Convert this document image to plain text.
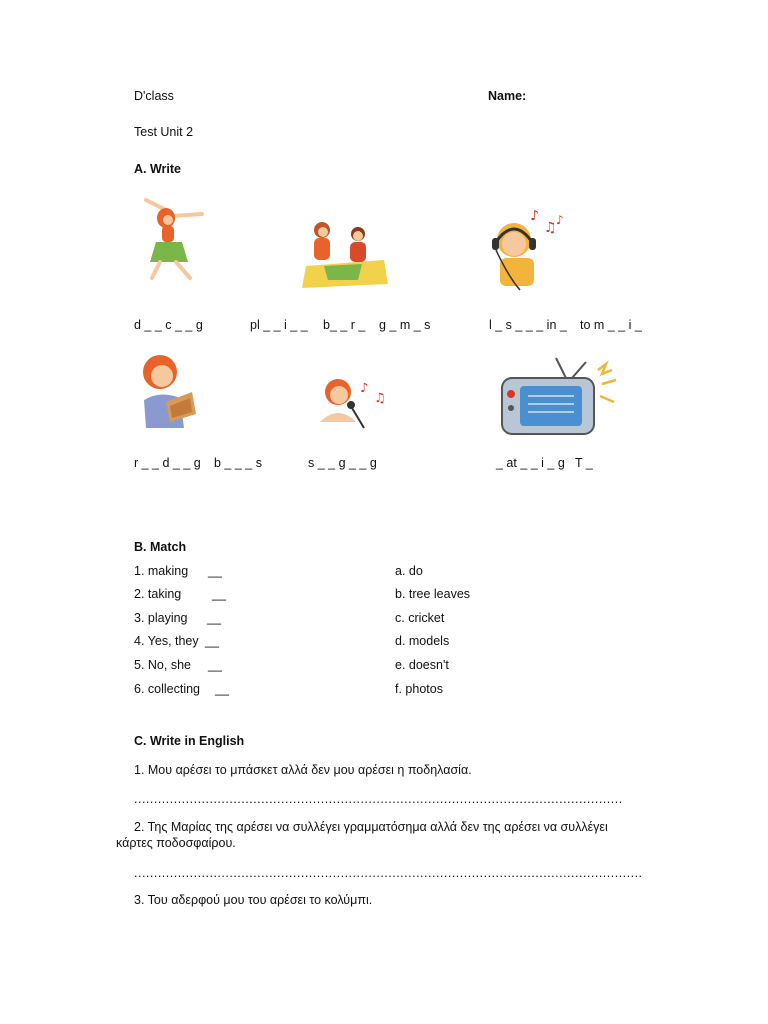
D'class	Name:
Test Unit 2
A. Write
♪
♫ ♪
d _ _ c _ _ g	pl _ _ i _ _ b_ _ r _ g _ m _ s	l _ s _ _ _ in _ to m _ _ i _
♪
♫
r _ _ d _ _ g b _ _ _ s	s _ _ g _ _ g	_ at _ _ i _ g T _
B. Match
1. making __	a. do
2. taking __	b. tree leaves
3. playing __	c. cricket
4. Yes, they __	d. models
5. No, she __	e. doesn't
6. collecting __	f. photos
C. Write in English
1. Μου αρέσει το μπάσκετ αλλά δεν μου αρέσει η ποδηλασία.
...........................................................................................................................
2. Της Μαρίας της αρέσει να συλλέγει γραμματόσημα αλλά δεν της αρέσει να συλλέγει
κάρτες ποδοσφαίρου.
................................................................................................................................
3. Του αδερφού μου του αρέσει το κολύμπι.
